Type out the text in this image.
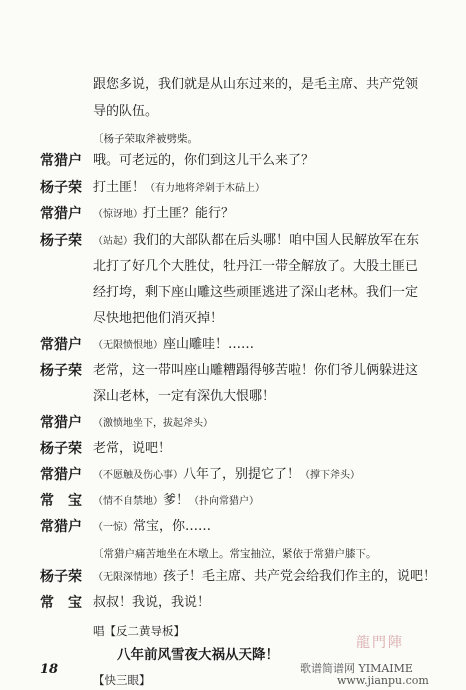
跟您多说，我们就是从山东过来的，是毛主席、共产党领
导的队伍。
〔杨子荣取斧被劈柴。
常猎户 哦。可老远的，你们到这儿干么来了？
杨子荣 打土匪！（有力地将斧剁于木砧上）
常猎户 （惊讶地）打土匪？能行？
杨子荣 （站起）我们的大部队都在后头哪！咱中国人民解放军在东
北打了好几个大胜仗，牡丹江一带全解放了。大股土匪已
经打垮，剩下座山雕这些顽匪逃进了深山老林。我们一定
尽快地把他们消灭掉！
常猎户 （无限愤恨地）座山雕哇！……
杨子荣 老常，这一带叫座山雕糟蹋得够苦啦！你们爷儿俩躲进这
深山老林，一定有深仇大恨哪！
常猎户 （激愤地坐下，拔起斧头）
杨子荣 老常，说吧！
常猎户 （不愿触及伤心事）八年了，别提它了！（撑下斧头）
常　宝 （情不自禁地）爹！（扑向常猎户）
常猎户 （一惊）常宝，你……
〔常猎户痛苦地坐在木墩上。常宝抽泣，紧依于常猎户膝下。
杨子荣 （无限深情地）孩子！毛主席、共产党会给我们作主的，说吧！
常　宝 叔叔！我说，我说！
唱【反二黄导板】
八年前风雪夜大祸从天降！
【快三眼】
18
龍門陣
歌谱简谱网 YIMAIME
www.jianpu.com
